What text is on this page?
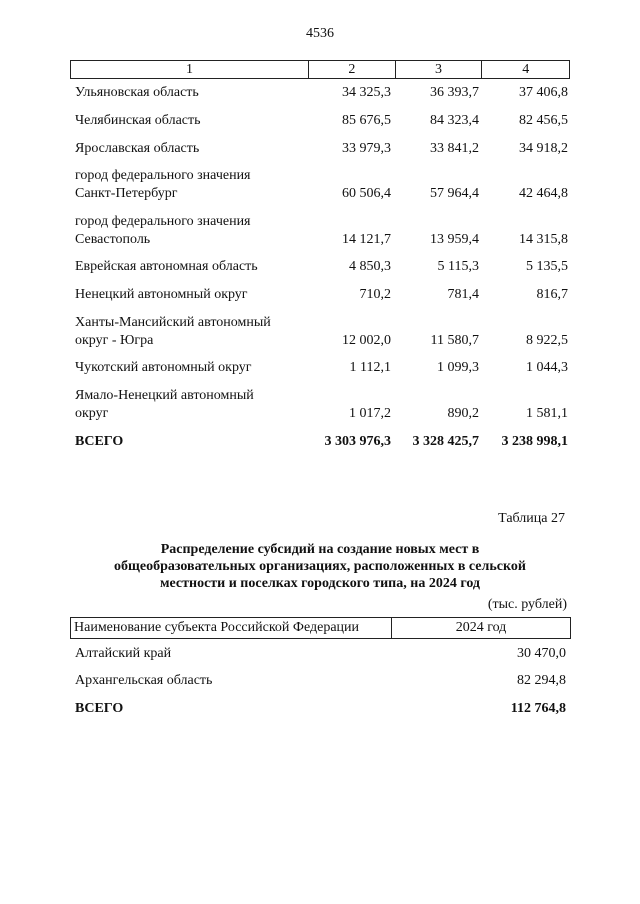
4536
1	2	3	4
Ульяновская область	34 325,3	36 393,7	37 406,8
Челябинская область	85 676,5	84 323,4	82 456,5
Ярославская область	33 979,3	33 841,2	34 918,2
город федерального значения
Санкт-Петербург	60 506,4	57 964,4	42 464,8
город федерального значения
Севастополь	14 121,7	13 959,4	14 315,8
Еврейская автономная область	4 850,3	5 115,3	5 135,5
Ненецкий автономный округ	710,2	781,4	816,7
Ханты-Мансийский автономный
округ - Югра	12 002,0	11 580,7	8 922,5
Чукотский автономный округ	1 112,1	1 099,3	1 044,3
Ямало-Ненецкий автономный
округ	1 017,2	890,2	1 581,1
ВСЕГО	3 303 976,3	3 328 425,7	3 238 998,1
Таблица 27
Распределение субсидий на создание новых мест в
общеобразовательных организациях, расположенных в сельской
местности и поселках городского типа, на 2024 год
(тыс. рублей)
Наименование субъекта Российской Федерации	2024 год
Алтайский край	30 470,0
Архангельская область	82 294,8
ВСЕГО	112 764,8
